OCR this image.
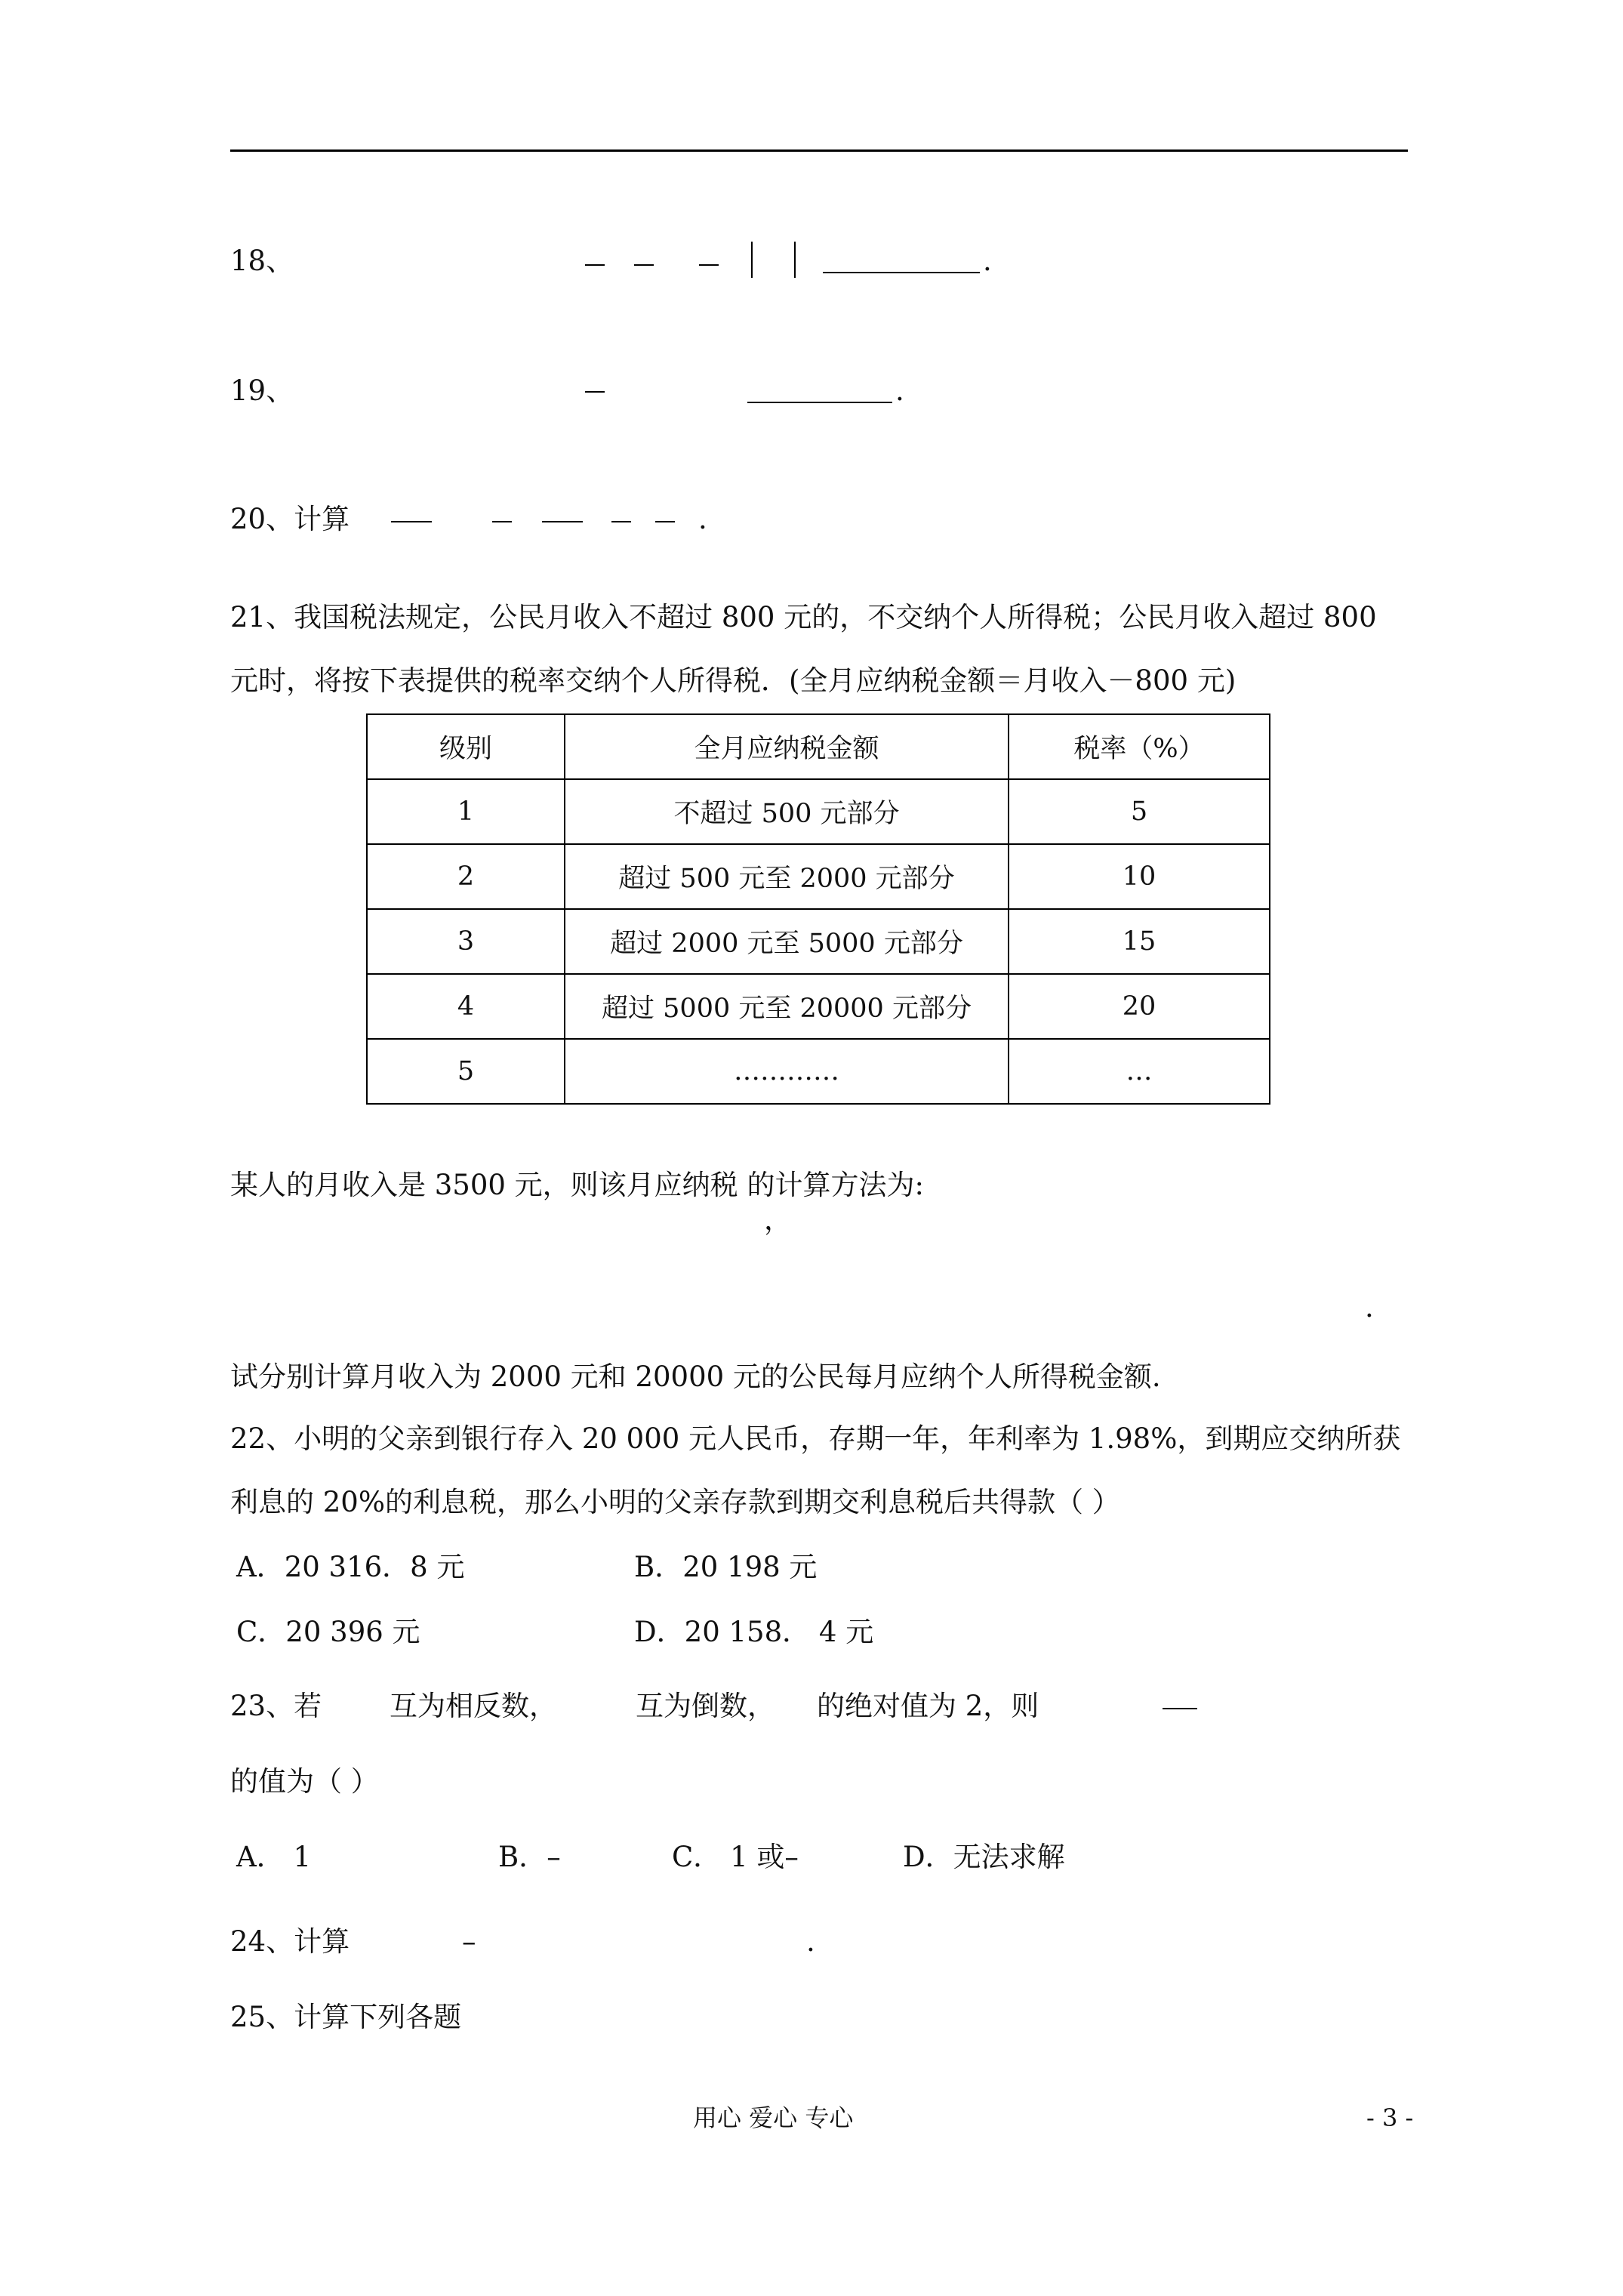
18、	.
19、	.
20、计算	.
21、我国税法规定，公民月收入不超过 800 元的，不交纳个人所得税；公民月收入超过 800
元时，将按下表提供的税率交纳个人所得税．(全月应纳税金额＝月收入－800 元)
级别	全月应纳税金额	税率（%）
1	不超过 500 元部分	5
2	超过 500 元至 2000 元部分	10
3	超过 2000 元至 5000 元部分	15
4	超过 5000 元至 20000 元部分	20
5	…………	…
某人的月收入是 3500 元，则该月应纳税 的计算方法为:
，
.
试分别计算月收入为 2000 元和 20000 元的公民每月应纳个人所得税金额.
22、小明的父亲到银行存入 20 000 元人民币，存期一年，年利率为 1.98%，到期应交纳所获
利息的 20%的利息税，那么小明的父亲存款到期交利息税后共得款（ ）
A．20 316．8 元	B．20 198 元
C．20 396 元	D．20 158． 4 元
23、若 互为相反数，	互为倒数， 的绝对值为 2，则
的值为（ ）
A． 1	B．–	C． 1 或–	D．无法求解
24、计算	–	.
25、计算下列各题
用心 爱心 专心	- 3 -
